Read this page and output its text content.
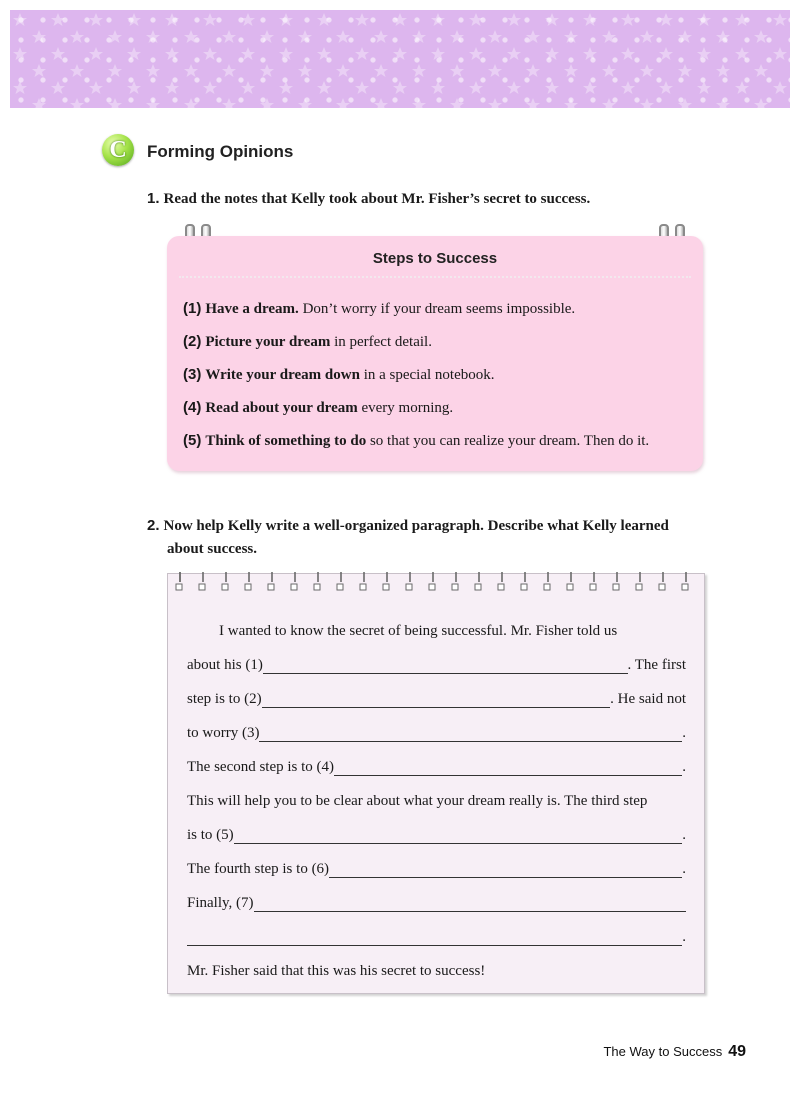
C	Forming Opinions
1. Read the notes that Kelly took about Mr. Fisher’s secret to success.
Steps to Success
(1) Have a dream. Don’t worry if your dream seems impossible.
(2) Picture your dream in perfect detail.
(3) Write your dream down in a special notebook.
(4) Read about your dream every morning.
(5) Think of something to do so that you can realize your dream. Then do it.
2. Now help Kelly write a well-organized paragraph. Describe what Kelly learned
about success.
I wanted to know the secret of being successful. Mr. Fisher told us
about his (1)	. The first
step is to (2)	. He said not
to worry (3)	.
The second step is to (4)	.
This will help you to be clear about what your dream really is. The third step
is to (5)	.
The fourth step is to (6)	.
Finally, (7)
.
Mr. Fisher said that this was his secret to success!
The Way to Success 49
